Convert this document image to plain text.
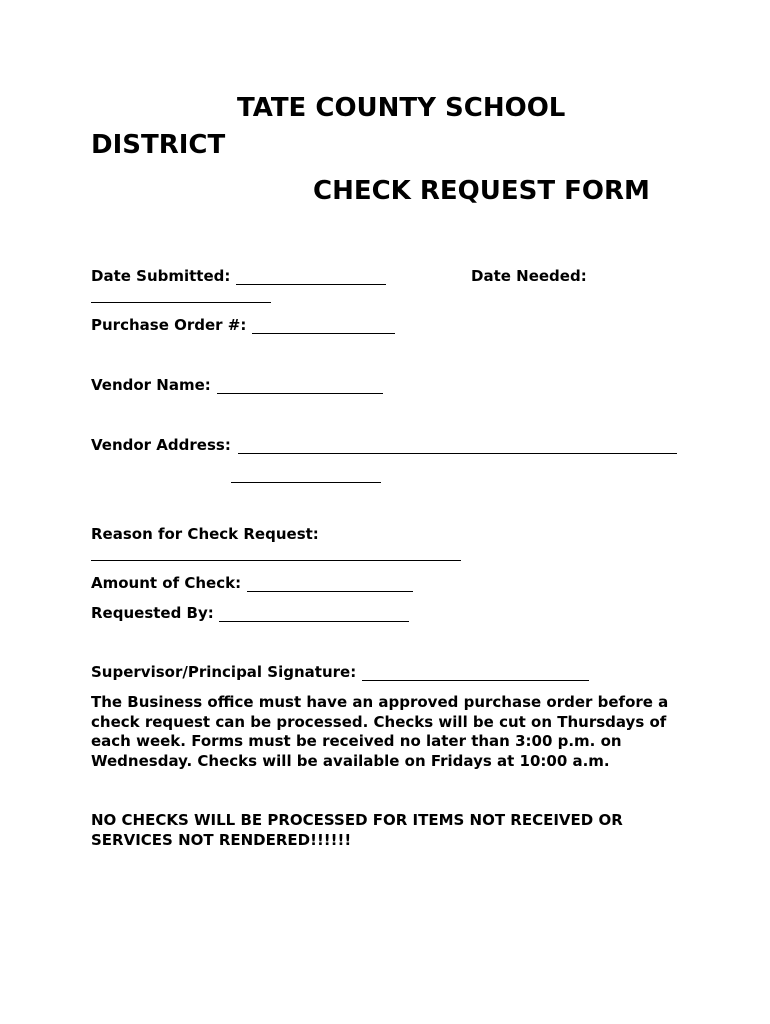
TATE COUNTY SCHOOL
DISTRICT
CHECK REQUEST FORM
Date Submitted:	Date Needed:
Purchase Order #:
Vendor Name:
Vendor Address:
Reason for Check Request:
Amount of Check:
Requested By:
Supervisor/Principal Signature:
The Business office must have an approved purchase order before a check request can be processed. Checks will be cut on Thursdays of each week. Forms must be received no later than 3:00 p.m. on Wednesday. Checks will be available on Fridays at 10:00 a.m.
NO CHECKS WILL BE PROCESSED FOR ITEMS NOT RECEIVED OR SERVICES NOT RENDERED!!!!!!
